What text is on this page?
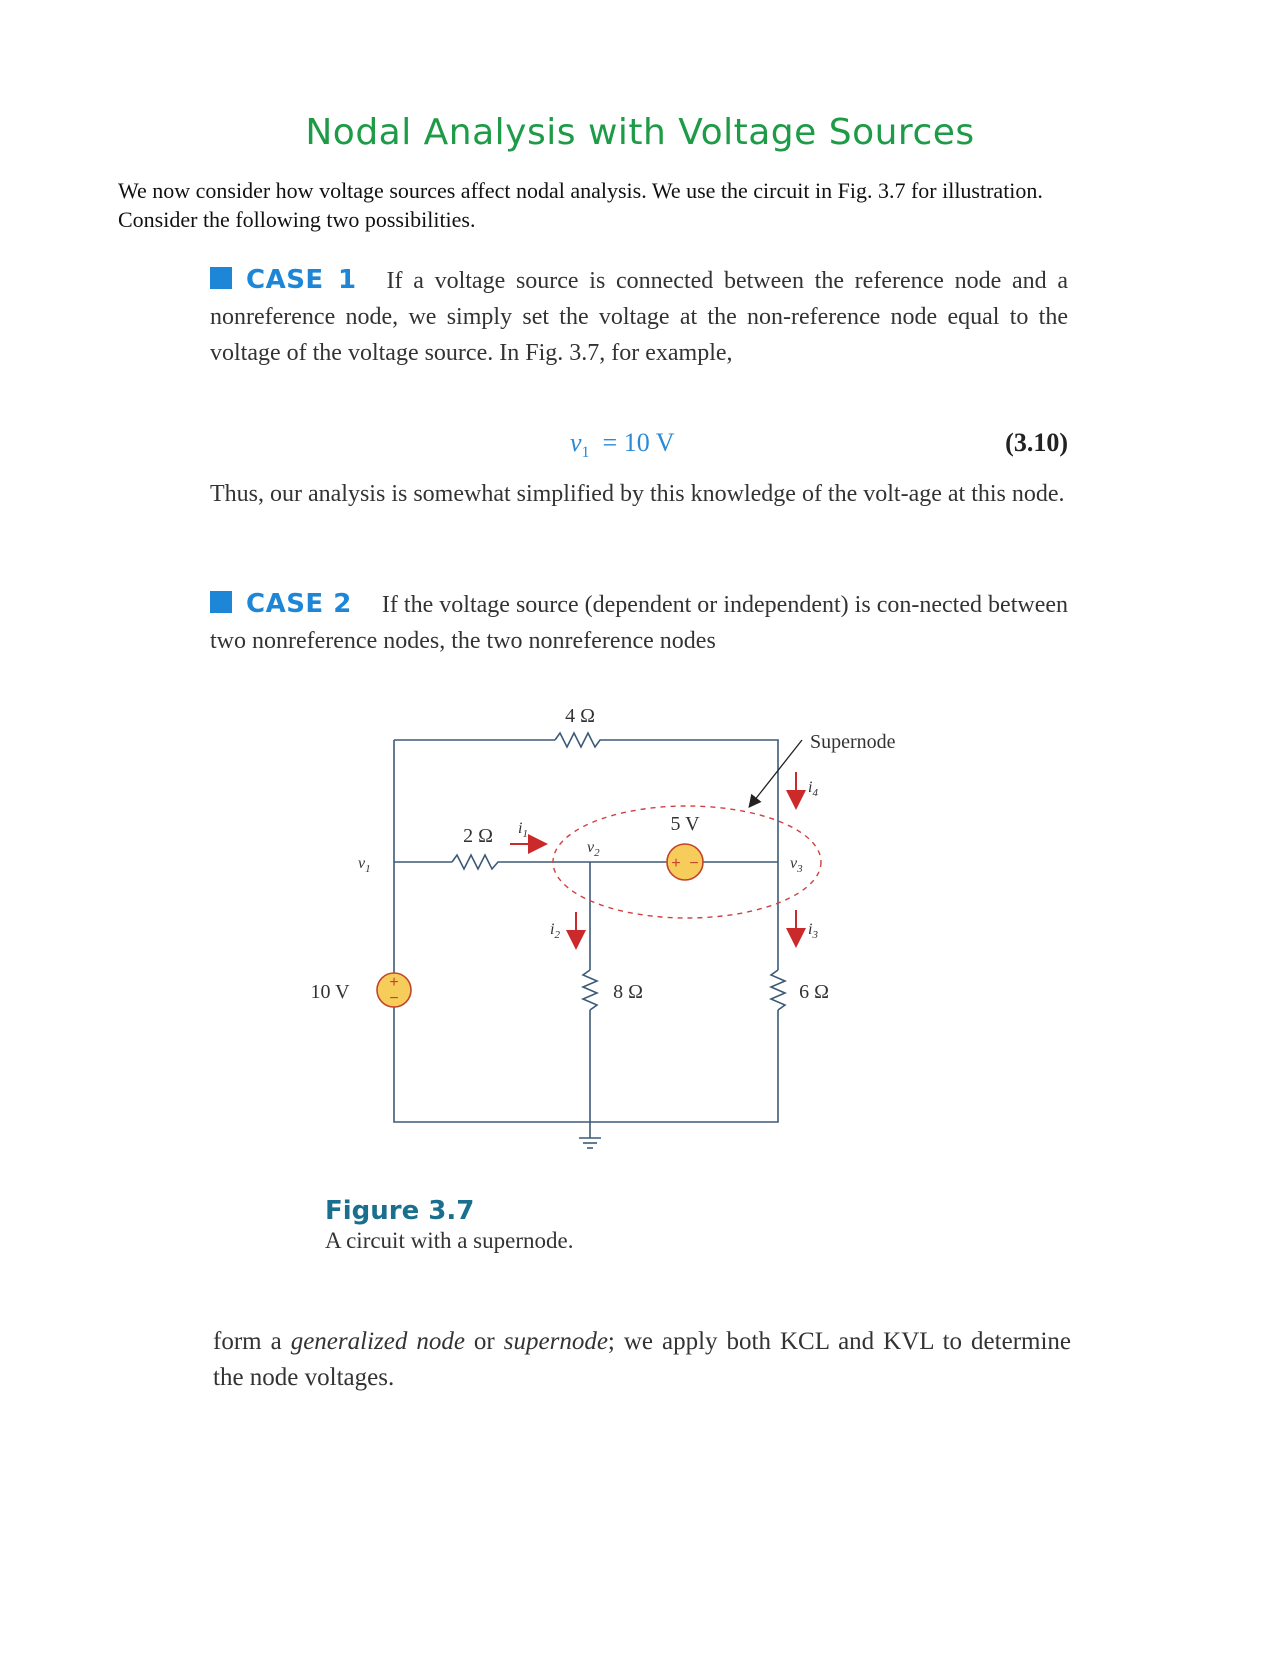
Nodal Analysis with Voltage Sources

We now consider how voltage sources affect nodal analysis. We use the circuit in Fig. 3.7 for illustration. Consider the following two possibilities.

CASE 1 If a voltage source is connected between the reference node and a nonreference node, we simply set the voltage at the non-reference node equal to the voltage of the voltage source. In Fig. 3.7, for example,

$v_1 = 10$ V	(3.10)

Thus, our analysis is somewhat simplified by this knowledge of the volt-age at this node.

CASE 2 If the voltage source (dependent or independent) is con-nected between two nonreference nodes, the two nonreference nodes

+
−
+ −
4 Ω
2 Ω
8 Ω	6 Ω
10 V
5 V
Supernode
$v_1$
$v_2$
$v_3$
$i_1$
$i_2$	$i_3$
$i_4$

Figure 3.7
A circuit with a supernode.

form a generalized node or supernode; we apply both KCL and KVL to determine the node voltages.
